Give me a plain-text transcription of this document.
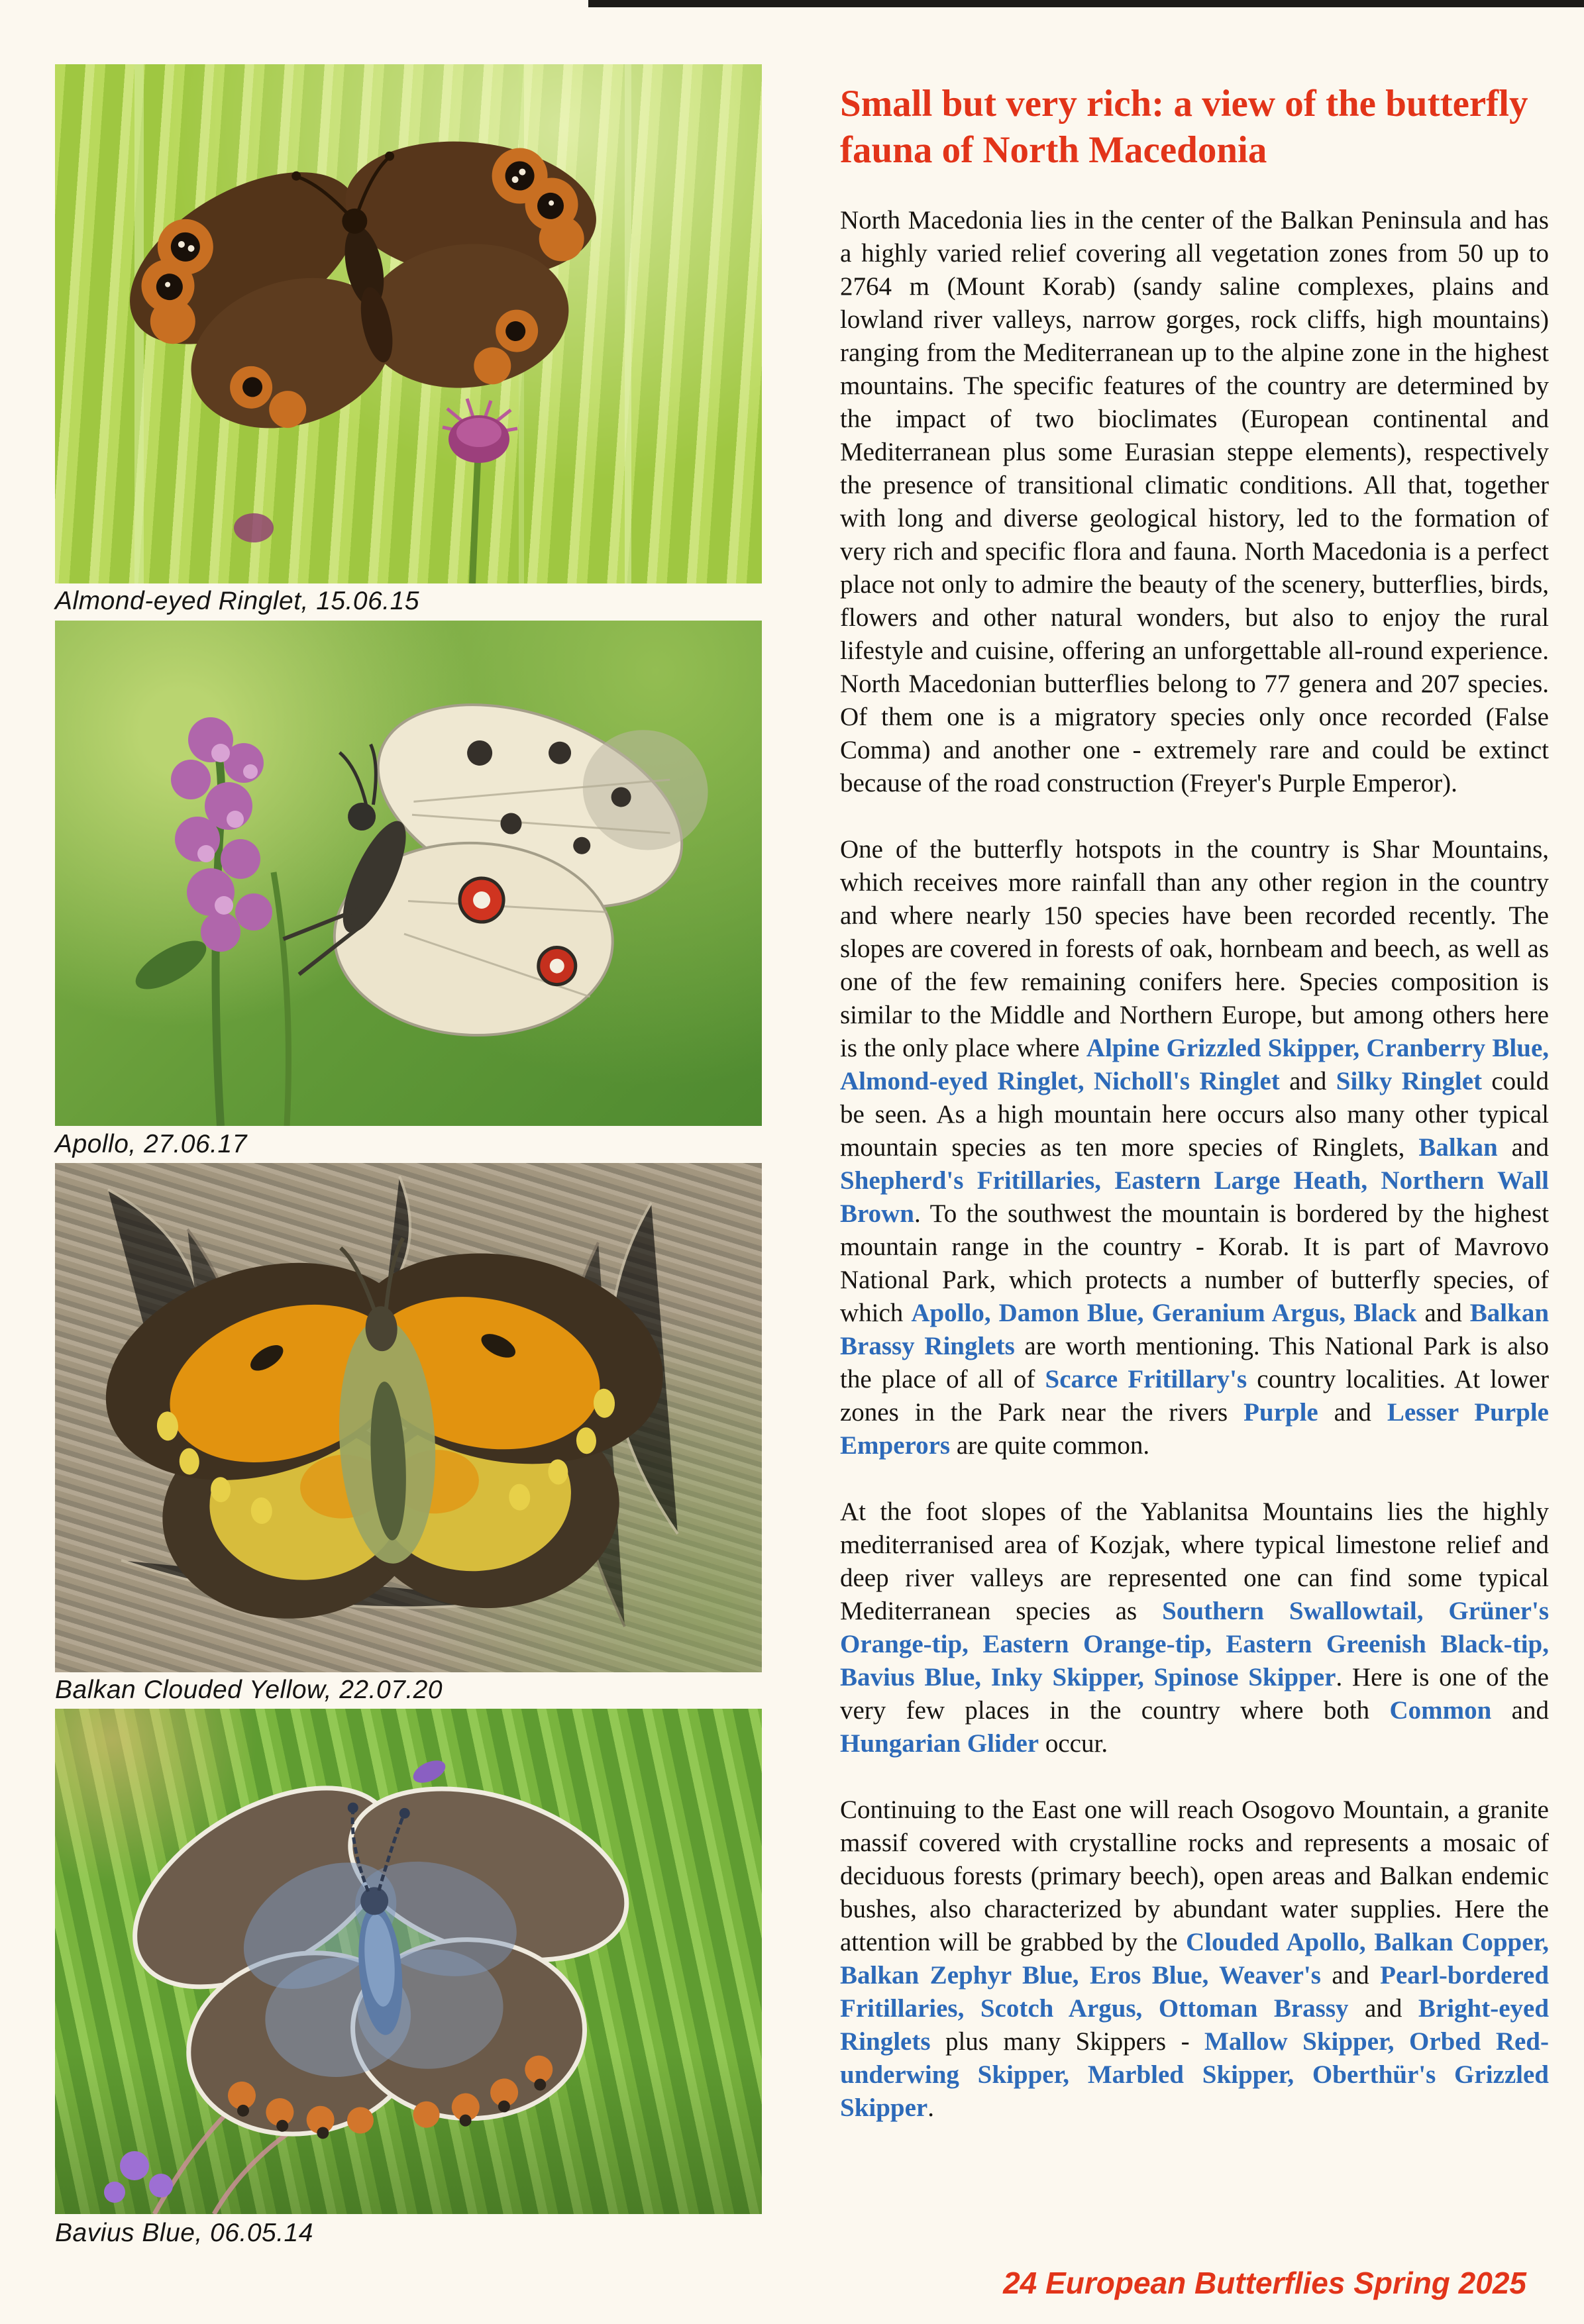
Almond-eyed Ringlet, 15.06.15
Apollo, 27.06.17
Balkan Clouded Yellow, 22.07.20
Bavius Blue, 06.05.14
Small but very rich: a view of the butterfly
fauna of North Macedonia

North Macedonia lies in the center of the Balkan Peninsula and has a highly varied relief covering all vegetation zones from 50 up to 2764 m (Mount Korab) (sandy saline complexes, plains and lowland river valleys, narrow gorges, rock cliffs, high mountains) ranging from the Mediterranean up to the alpine zone in the highest mountains. The specific features of the country are determined by the impact of two bioclimates (European continental and Mediterranean plus some Eurasian steppe elements), respectively the presence of transitional climatic conditions. All that, together with long and diverse geological history, led to the formation of very rich and specific flora and fauna. North Macedonia is a perfect place not only to admire the beauty of the scenery, butterflies, birds, flowers and other natural wonders, but also to enjoy the rural lifestyle and cuisine, offering an unforgettable all-round experience. North Macedonian butterflies belong to 77 genera and 207 species. Of them one is a migratory species only once recorded (False Comma) and another one - extremely rare and could be extinct because of the road construction (Freyer's Purple Emperor).

One of the butterfly hotspots in the country is Shar Mountains, which receives more rainfall than any other region in the country and where nearly 150 species have been recorded recently. The slopes are covered in forests of oak, hornbeam and beech, as well as one of the few remaining conifers here. Species composition is similar to the Middle and Northern Europe, but among others here is the only place where Alpine Grizzled Skipper, Cranberry Blue, Almond-eyed Ringlet, Nicholl's Ringlet and Silky Ringlet could be seen. As a high mountain here occurs also many other typical mountain species as ten more species of Ringlets, Balkan and Shepherd's Fritillaries, Eastern Large Heath, Northern Wall Brown. To the southwest the mountain is bordered by the highest mountain range in the country - Korab. It is part of Mavrovo National Park, which protects a number of butterfly species, of which Apollo, Damon Blue, Geranium Argus, Black and Balkan Brassy Ringlets are worth mentioning. This National Park is also the place of all of Scarce Fritillary's country localities. At lower zones in the Park near the rivers Purple and Lesser Purple Emperors are quite common.

At the foot slopes of the Yablanitsa Mountains lies the highly mediterranised area of Kozjak, where typical limestone relief and deep river valleys are represented one can find some typical Mediterranean species as Southern Swallowtail, Grüner's Orange-tip, Eastern Orange-tip, Eastern Greenish Black-tip, Bavius Blue, Inky Skipper, Spinose Skipper. Here is one of the very few places in the country where both Common and Hungarian Glider occur.

Continuing to the East one will reach Osogovo Mountain, a granite massif covered with crystalline rocks and represents a mosaic of deciduous forests (primary beech), open areas and Balkan endemic bushes, also characterized by abundant water supplies. Here the attention will be grabbed by the Clouded Apollo, Balkan Copper, Balkan Zephyr Blue, Eros Blue, Weaver's and Pearl-bordered Fritillaries, Scotch Argus, Ottoman Brassy and Bright-eyed Ringlets plus many Skippers - Mallow Skipper, Orbed Red-underwing Skipper, Marbled Skipper, Oberthür's Grizzled Skipper.

24 European Butterflies Spring 2025
